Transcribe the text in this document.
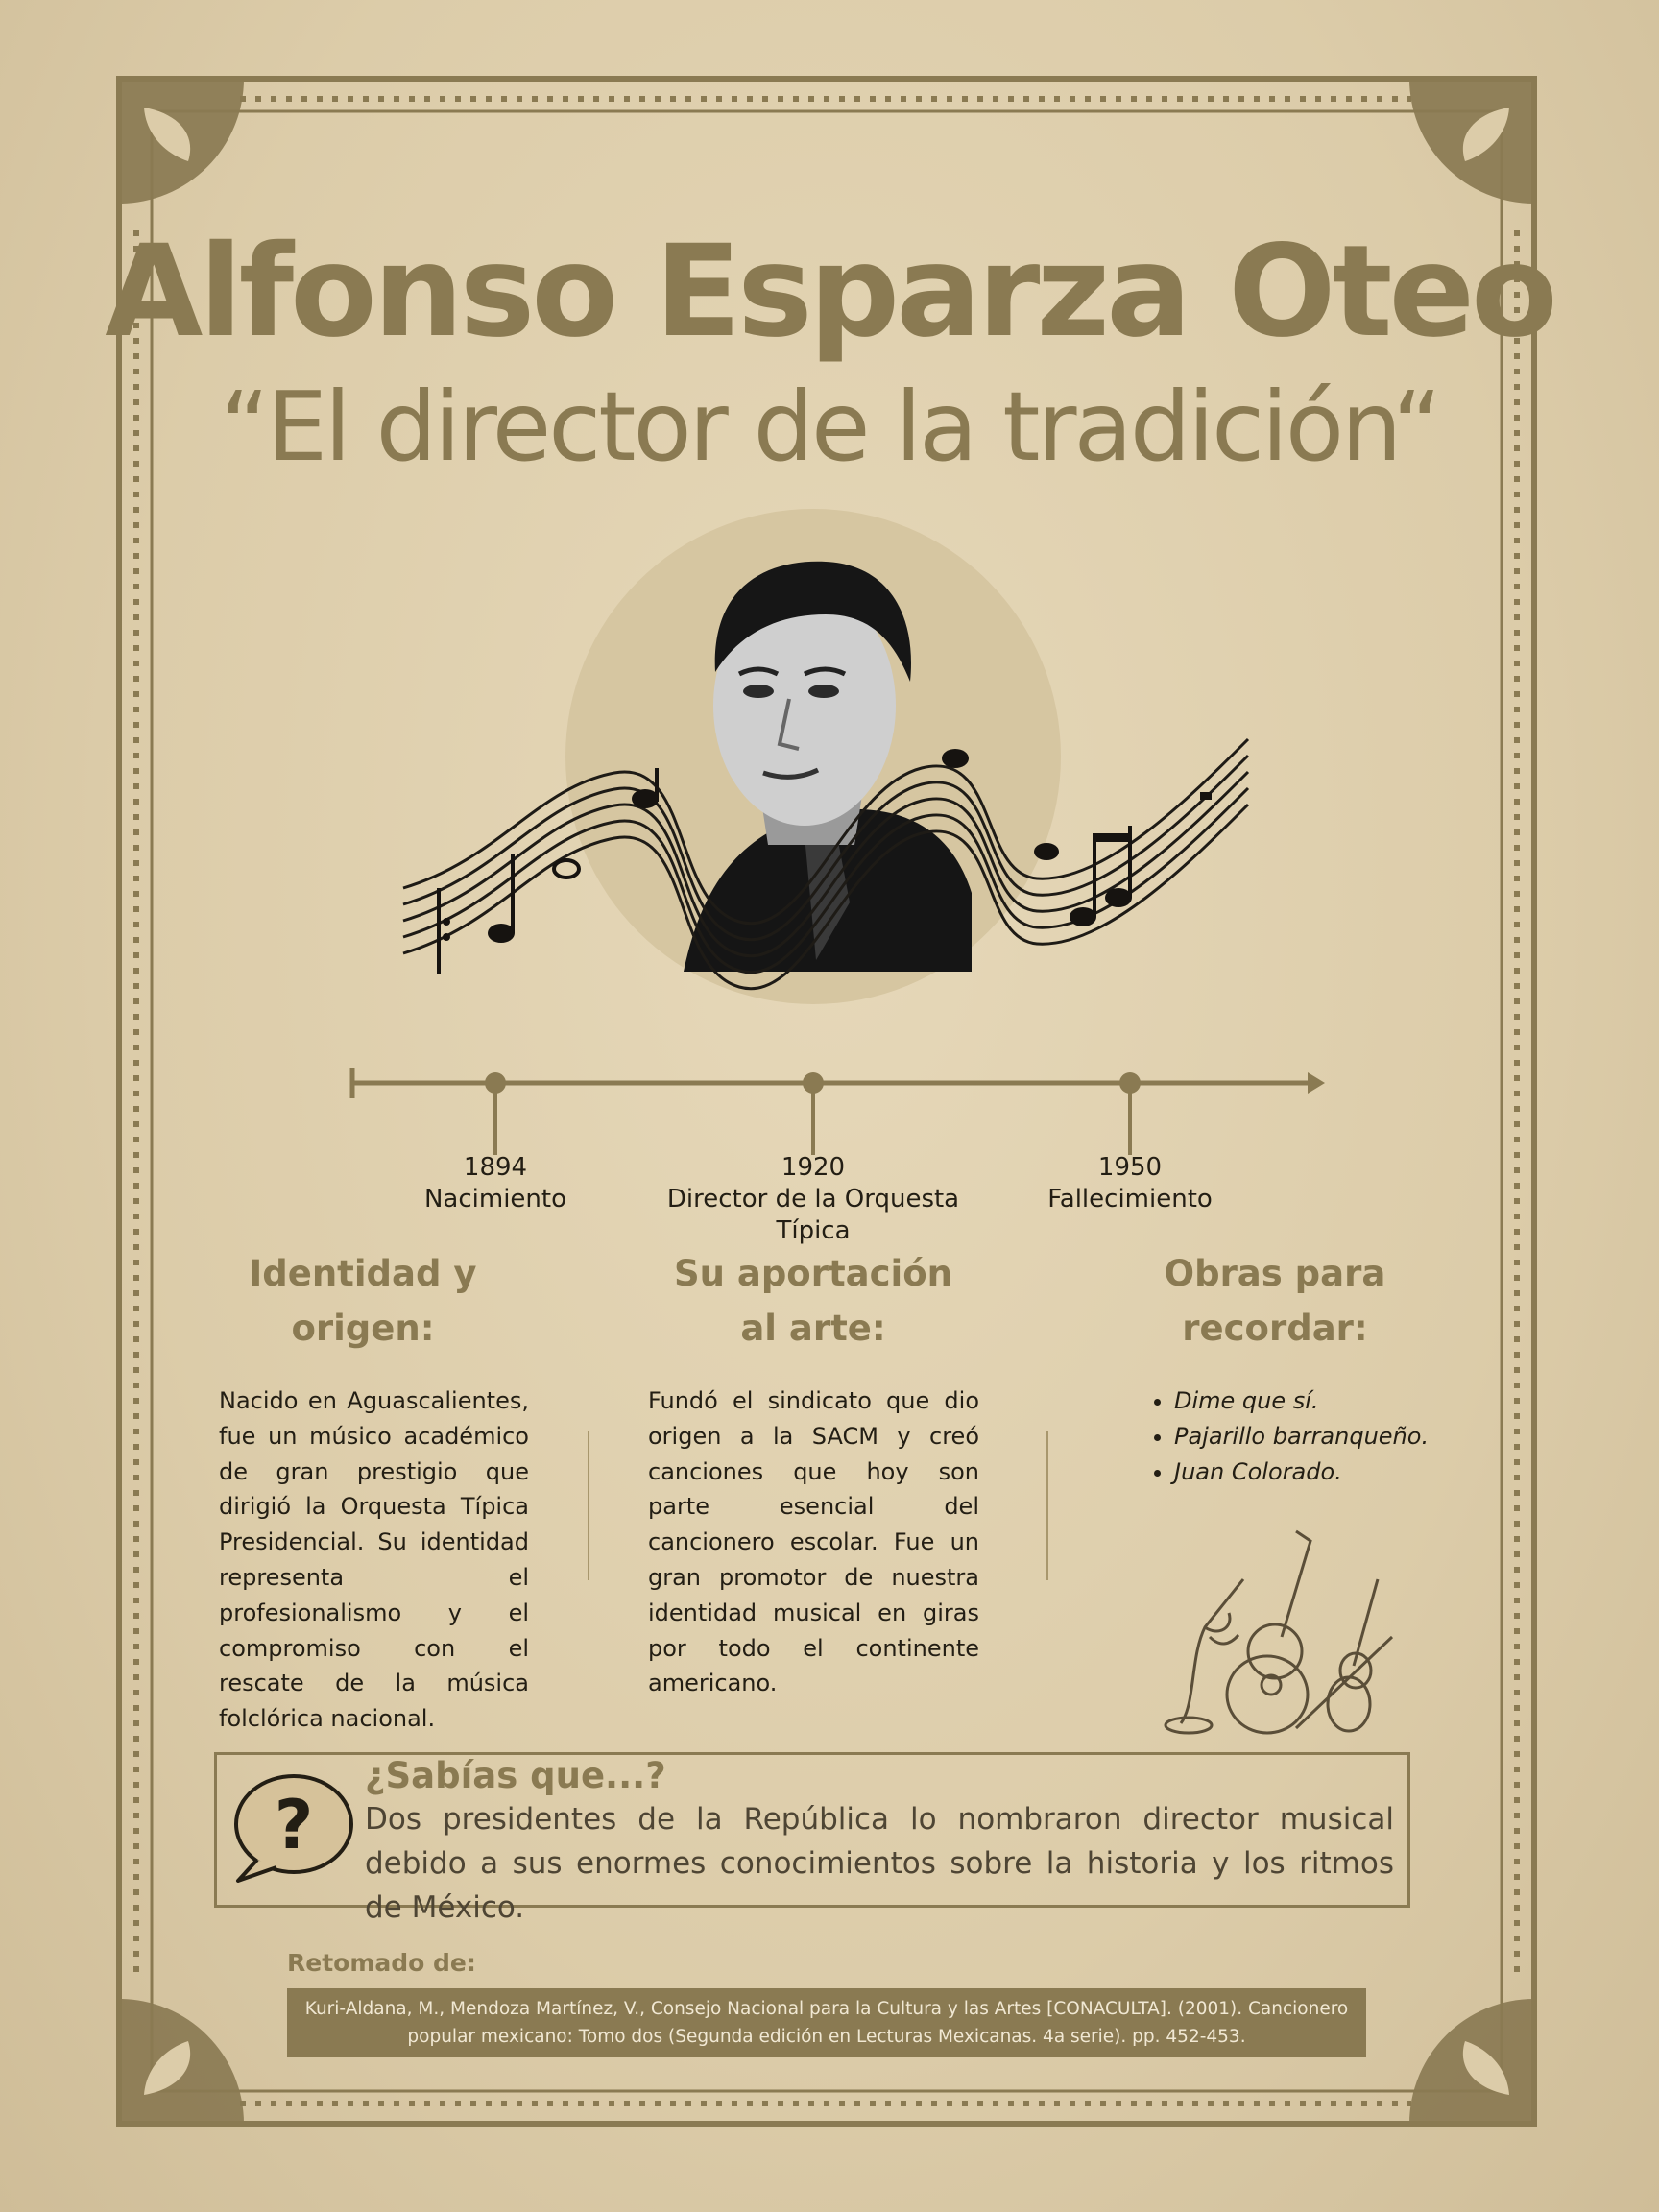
Alfonso Esparza Oteo
“El director de la tradición“
1894
Nacimiento
1920
Director de la Orquesta Típica
1950
Fallecimiento
Identidad y
origen:
Nacido en Aguascalientes, fue un músico académico de gran prestigio que dirigió la Orquesta Típica Presidencial. Su identidad representa el profesionalismo y el compromiso con el rescate de la música folclórica nacional.
Su aportación
al arte:
Fundó el sindicato que dio origen a la SACM y creó canciones que hoy son parte esencial del cancionero escolar. Fue un gran promotor de nuestra identidad musical en giras por todo el continente americano.
Obras para
recordar:
• Dime que sí.
• Pajarillo barranqueño.
• Juan Colorado.
?
¿Sabías que...?
Dos presidentes de la República lo nombraron director musical debido a sus enormes conocimientos sobre la historia y los ritmos de México.
Retomado de:
Kuri-Aldana, M., Mendoza Martínez, V., Consejo Nacional para la Cultura y las Artes [CONACULTA]. (2001). Cancionero popular mexicano: Tomo dos (Segunda edición en Lecturas Mexicanas. 4a serie). pp. 452-453.
